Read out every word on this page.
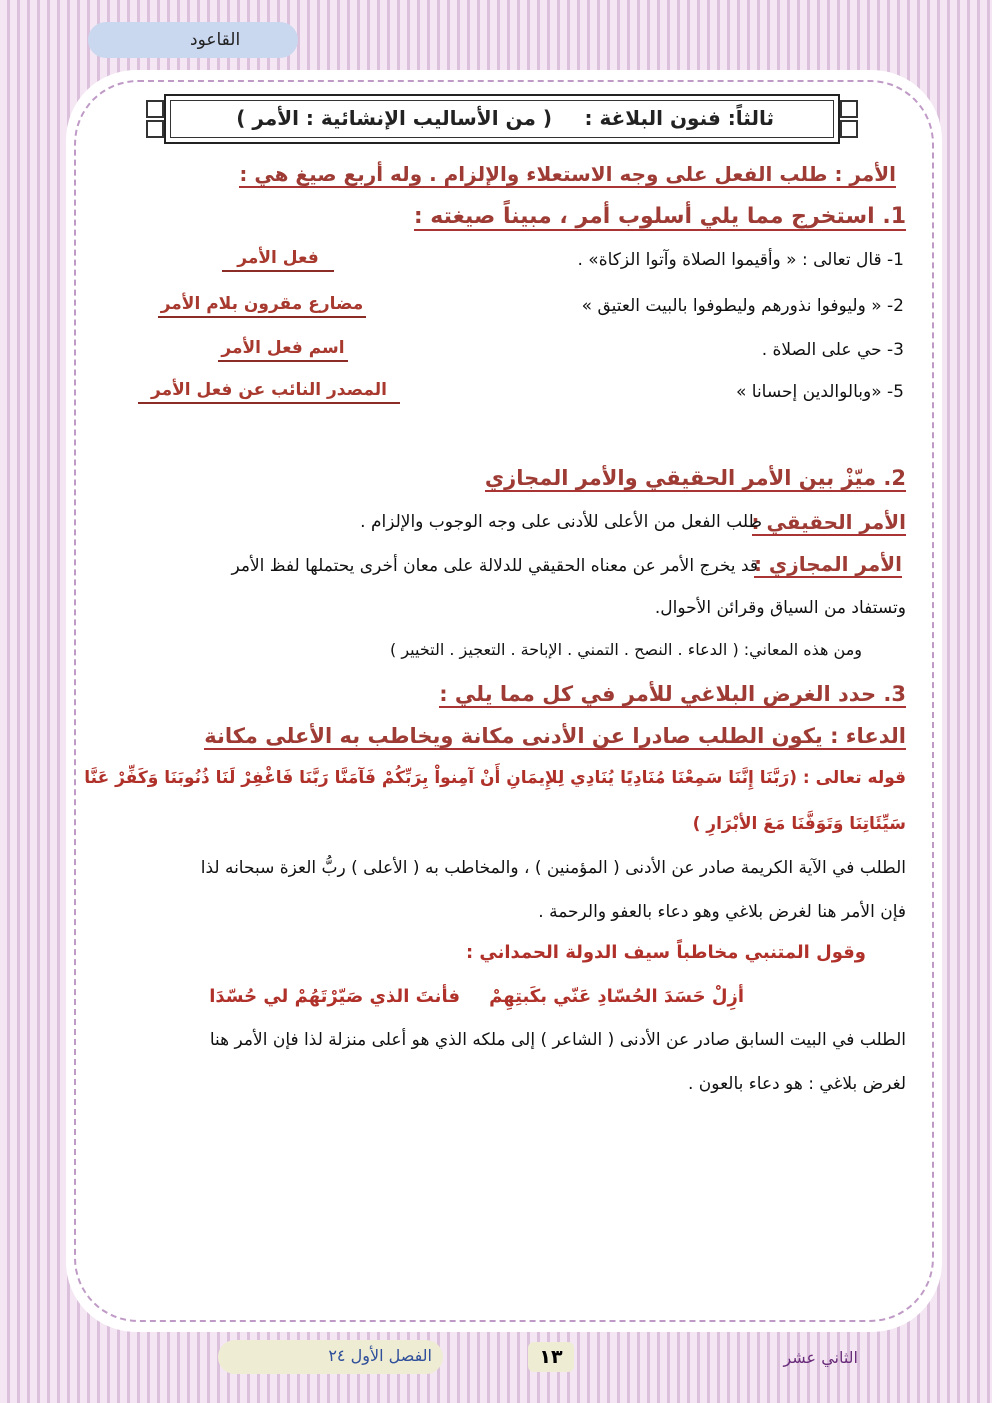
القاعود
ثالثاً: فنون البلاغة :
( من الأساليب الإنشائية : الأمر )
الأمر : طلب الفعل على وجه الاستعلاء والإلزام . وله أربع صيغ هي :
1. استخرج مما يلي أسلوب أمر ، مبيناً صيغته :
1- قال تعالى : « وأقيموا الصلاة وآتوا الزكاة» .
فعل الأمر
2- « وليوفوا نذورهم وليطوفوا بالبيت العتيق »
مضارع مقرون بلام الأمر
3- حي على الصلاة .
اسم فعل الأمر
5- «وبالوالدين إحسانا »
المصدر النائب عن فعل الأمر
2. ميّزْ بين الأمر الحقيقي والأمر المجازي
الأمر الحقيقي :
طلب الفعل من الأعلى للأدنى على وجه الوجوب والإلزام .
الأمر المجازي :
قد يخرج الأمر عن معناه الحقيقي للدلالة على معان أخرى يحتملها لفظ الأمر
وتستفاد من السياق وقرائن الأحوال.
ومن هذه المعاني: ( الدعاء . النصح . التمني . الإباحة . التعجيز . التخيير )
3. حدد الغرض البلاغي للأمر في كل مما يلي :
الدعاء : يكون الطلب صادرا عن الأدنى مكانة ويخاطب به الأعلى مكانة
قوله تعالى : (رَبَّنَا إِنَّنَا سَمِعْنَا مُنَادِيًا يُنَادِي لِلإِيمَانِ أَنْ آمِنواْ بِرَبِّكُمْ فَآمَنَّا رَبَّنَا فَاغْفِرْ لَنَا ذُنُوبَنَا وَكَفِّرْ عَنَّا
سَيِّئَاتِنَا وَتَوَفَّنَا مَعَ الأبْرَارِ )
الطلب في الآية الكريمة صادر عن الأدنى ( المؤمنين ) ، والمخاطب به ( الأعلى ) ربُّ العزة سبحانه لذا
فإن الأمر هنا لغرض بلاغي وهو دعاء بالعفو والرحمة .
وقول المتنبي مخاطباً سيف الدولة الحمداني :
أزِلْ حَسَدَ الحُسّادِ عَنّي بكَبتِهِمْ
فأنتَ الذي صَيّرْتَهُمْ لي حُسّدَا
الطلب في البيت السابق صادر عن الأدنى ( الشاعر ) إلى ملكه الذي هو أعلى منزلة لذا فإن الأمر هنا
لغرض بلاغي : هو دعاء بالعون .
الثاني عشر
١٣
الفصل الأول ٢٤
